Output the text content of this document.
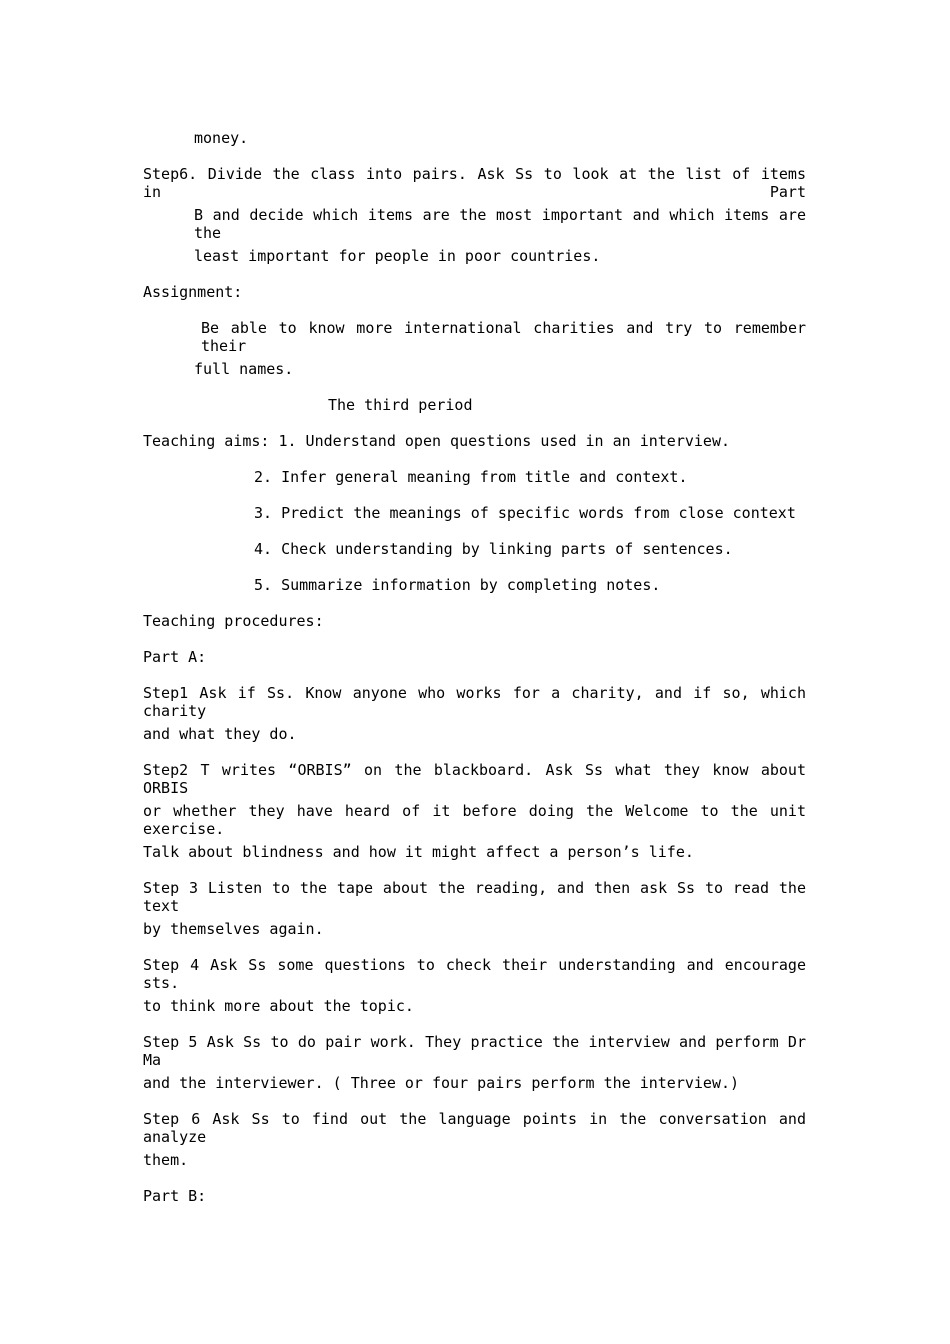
money.

Step6. Divide the class into pairs. Ask Ss to look at the list of items in Part

B and decide which items are the most important and which items are the

least important for people in poor countries.

Assignment:

Be able to know more international charities and try to remember their

full names.

The third period

Teaching aims: 1. Understand open questions used in an interview.

2. Infer general meaning from title and context.

3. Predict the meanings of specific words from close context

4. Check understanding by linking parts of sentences.

5. Summarize information by completing notes.

Teaching procedures:

Part A:

Step1 Ask if Ss. Know anyone who works for a charity, and if so, which charity

and what they do.

Step2 T writes “ORBIS” on the blackboard. Ask Ss what they know about ORBIS

or whether they have heard of it before doing the Welcome to the unit exercise.

Talk about blindness and how it might affect a person’s life.

Step 3 Listen to the tape about the reading, and then ask Ss to read the text

by themselves again.

Step 4 Ask Ss some questions to check their understanding and encourage sts.

to think more about the topic.

Step 5 Ask Ss to do pair work. They practice the interview and perform Dr Ma

and the interviewer. ( Three or four pairs perform the interview.)

Step 6 Ask Ss to find out the language points in the conversation and analyze

them.

Part B:
